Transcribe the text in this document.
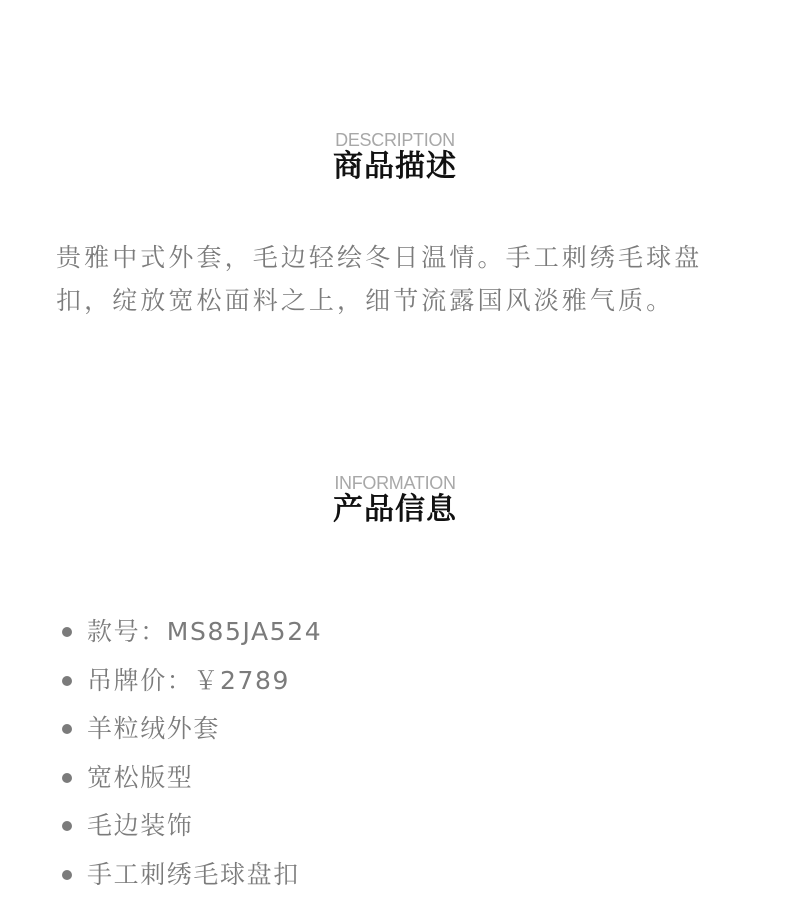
DESCRIPTION
商品描述

贵雅中式外套，毛边轻绘冬日温情。手工刺绣毛球盘扣，绽放宽松面料之上，细节流露国风淡雅气质。

INFORMATION
产品信息
款号：MS85JA524
吊牌价：￥2789
羊粒绒外套
宽松版型
毛边装饰
手工刺绣毛球盘扣
